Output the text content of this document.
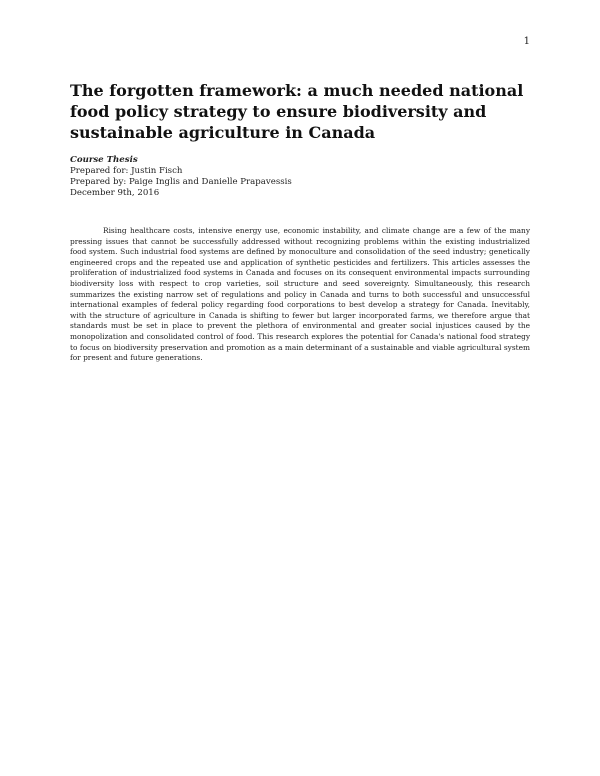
1
The forgotten framework: a much needed national food policy strategy to ensure biodiversity and sustainable agriculture in Canada
Course Thesis
Prepared for: Justin Fisch
Prepared by: Paige Inglis and Danielle Prapavessis
December 9th, 2016

Rising healthcare costs, intensive energy use, economic instability, and climate change are a few of the many pressing issues that cannot be successfully addressed without recognizing problems within the existing industrialized food system. Such industrial food systems are defined by monoculture and consolidation of the seed industry; genetically engineered crops and the repeated use and application of synthetic pesticides and fertilizers. This articles assesses the proliferation of industrialized food systems in Canada and focuses on its consequent environmental impacts surrounding biodiversity loss with respect to crop varieties, soil structure and seed sovereignty. Simultaneously, this research summarizes the existing narrow set of regulations and policy in Canada and turns to both successful and unsuccessful international examples of federal policy regarding food corporations to best develop a strategy for Canada. Inevitably, with the structure of agriculture in Canada is shifting to fewer but larger incorporated farms, we therefore argue that standards must be set in place to prevent the plethora of environmental and greater social injustices caused by the monopolization and consolidated control of food. This research explores the potential for Canada's national food strategy to focus on biodiversity preservation and promotion as a main determinant of a sustainable and viable agricultural system for present and future generations.
